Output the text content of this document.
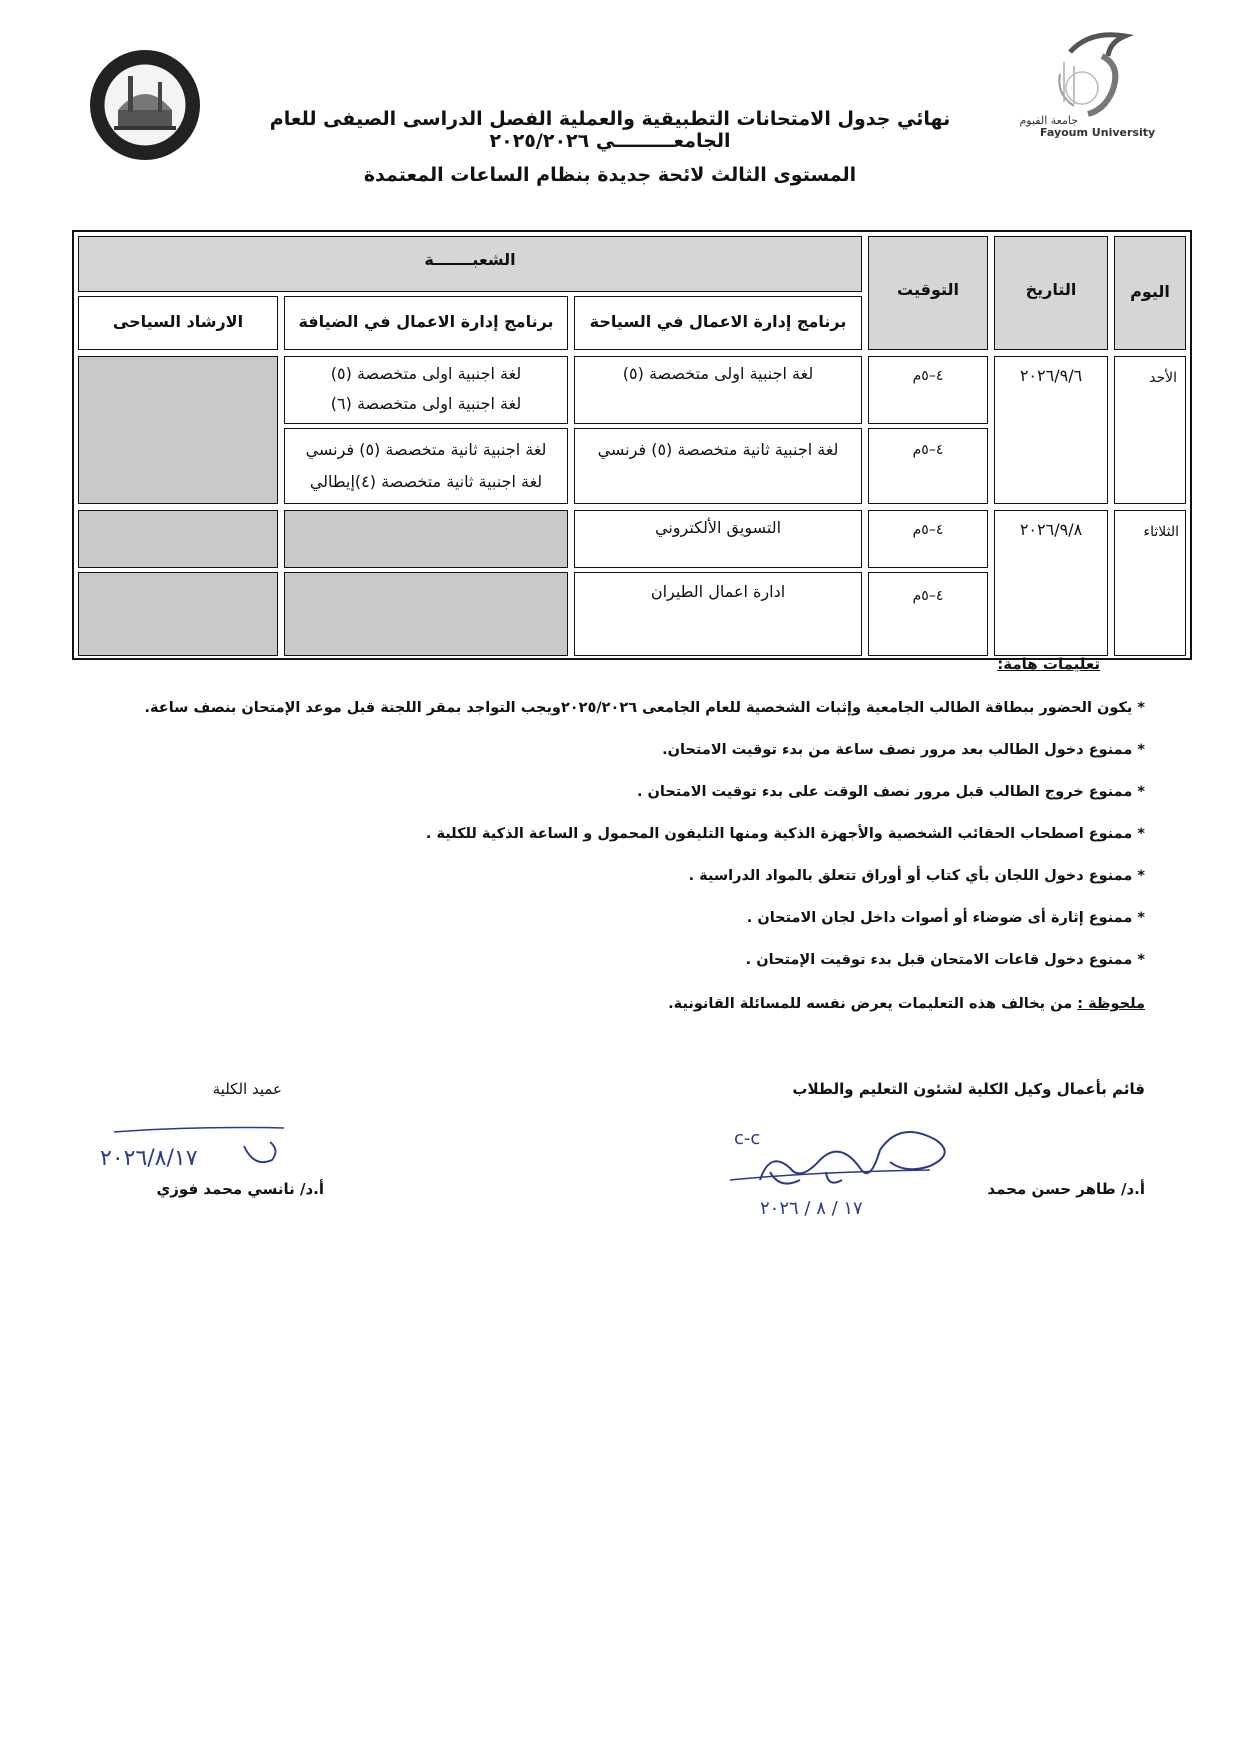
جامعة الفيوم
Fayoum University
نهائي جدول الامتحانات التطبيقية والعملية الفصل الدراسى الصيفى للعام الجامعـــــــــي ٢٠٢٥/٢٠٢٦
المستوى الثالث لائحة جديدة بنظام الساعات المعتمدة
اليوم
التاريخ
التوقيت
الشعبـــــــة
برنامج إدارة الاعمال في السياحة
برنامج إدارة الاعمال في الضيافة
الارشاد السياحى
الأحد
٢٠٢٦/٩/٦
٤–٥م
٤–٥م
لغة اجنبية اولى متخصصة (٥)
لغة اجنبية ثانية متخصصة (٥) فرنسي
لغة اجنبية اولى متخصصة (٥)
لغة اجنبية اولى متخصصة (٦)
لغة اجنبية ثانية متخصصة (٥) فرنسي
لغة اجنبية ثانية متخصصة (٤)إيطالي
الثلاثاء
٢٠٢٦/٩/٨
٤–٥م
٤–٥م
التسويق الألكتروني
ادارة اعمال الطيران
تعليمات هامة:
* يكون الحضور ببطاقة الطالب الجامعية وإثبات الشخصية للعام الجامعى ٢٠٢٥/٢٠٢٦ويجب التواجد بمقر اللجنة قبل موعد الإمتحان بنصف ساعة.
* ممنوع دخول الطالب بعد مرور نصف ساعة من بدء توقيت الامتحان.
* ممنوع خروج الطالب قبل مرور نصف الوقت على بدء توقيت الامتحان .
* ممنوع اصطحاب الحقائب الشخصية والأجهزة الذكية ومنها التليفون المحمول و الساعة الذكية للكلية .
* ممنوع دخول اللجان بأي كتاب أو أوراق تتعلق بالمواد الدراسية .
* ممنوع إثارة أى ضوضاء أو أصوات داخل لجان الامتحان .
* ممنوع دخول قاعات الامتحان قبل بدء توقيت الإمتحان .
ملحوظة : من يخالف هذه التعليمات يعرض نفسه للمسائلة القانونية.
قائم بأعمال وكيل الكلية لشئون التعليم والطلاب
أ.د/ طاهر حسن محمد
عميد الكلية
أ.د/ نانسي محمد فوزي
٢٠٢٦/٨/١٧
c-c
١٧ / ٨ / ٢٠٢٦
